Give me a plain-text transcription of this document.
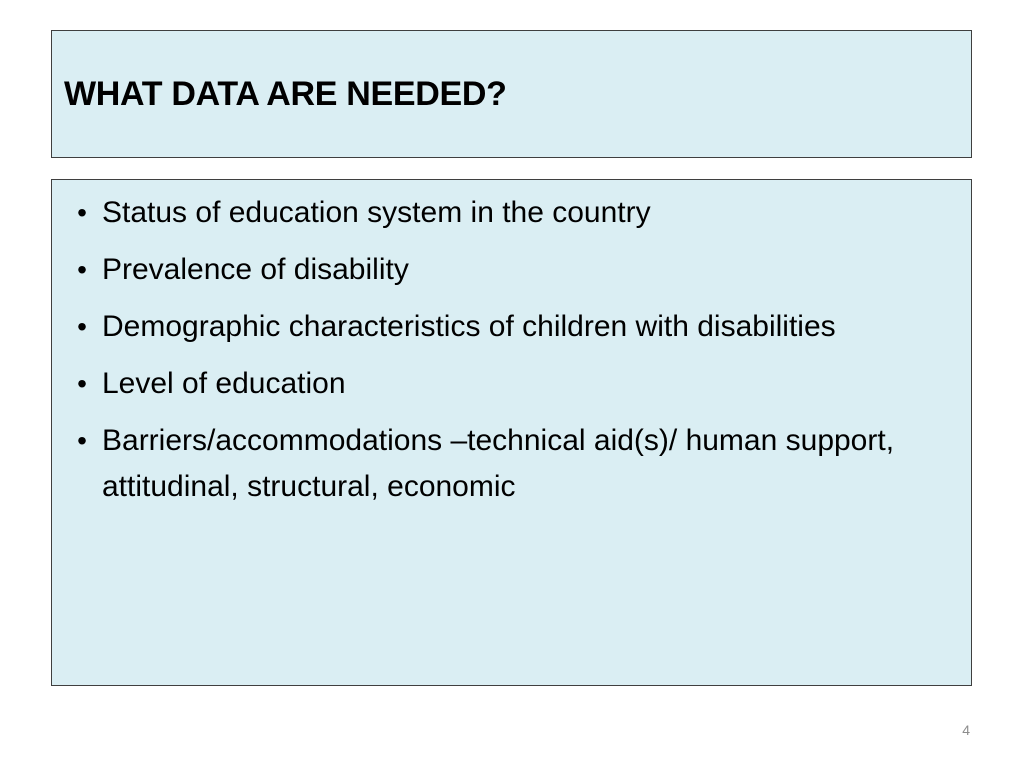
WHAT DATA ARE NEEDED?
• Status of education system in the country
• Prevalence of disability
• Demographic characteristics of children with disabilities
• Level of education
• Barriers/accommodations –technical aid(s)/ human support, attitudinal, structural, economic
4
